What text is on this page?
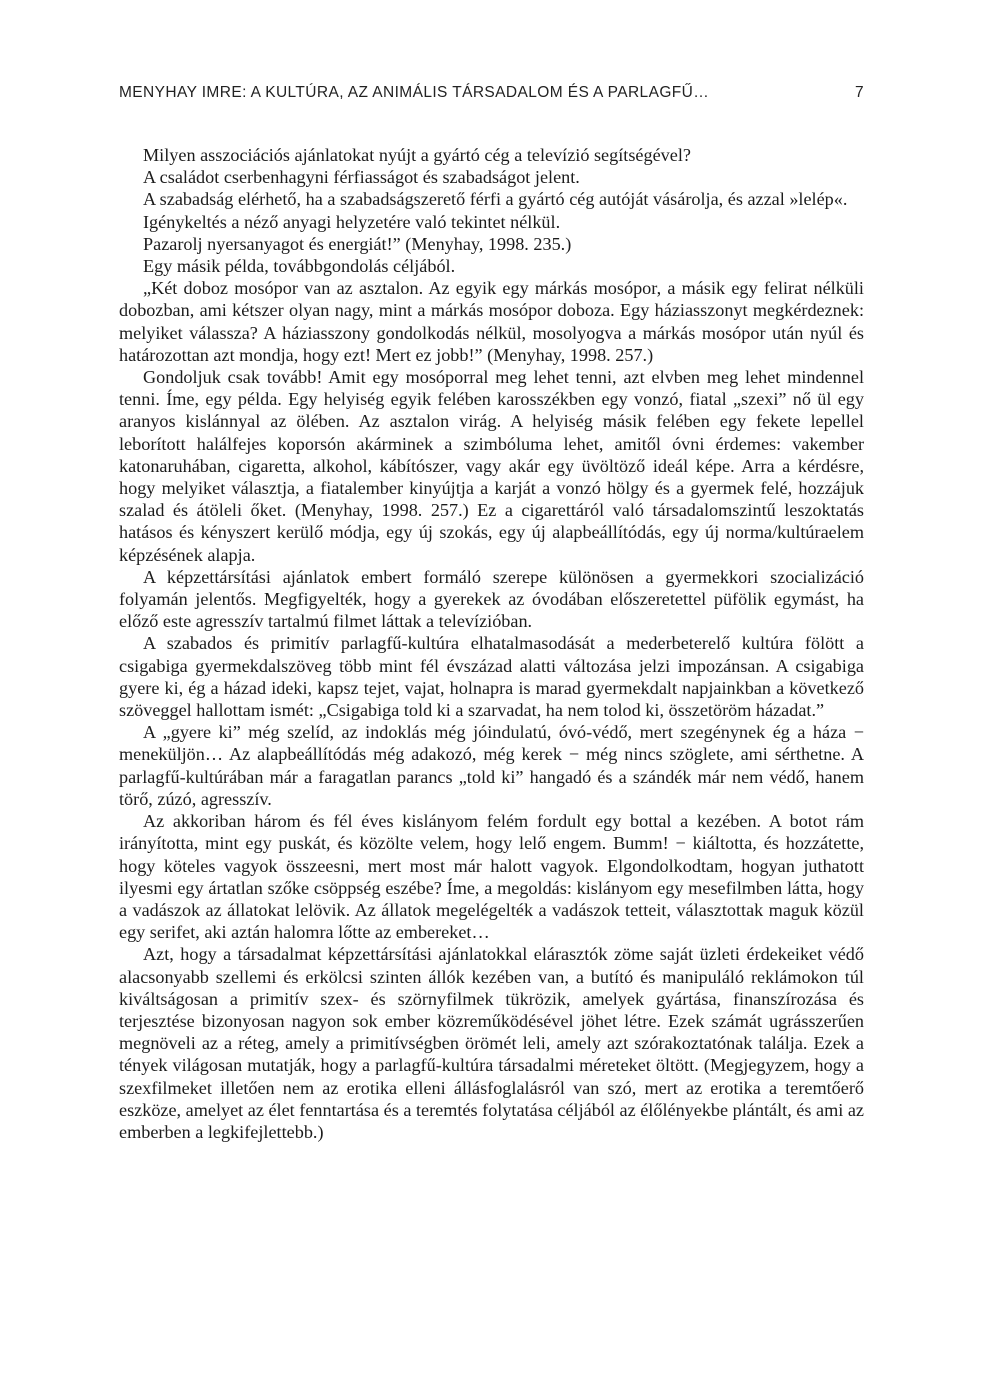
MENYHAY IMRE: A KULTÚRA, AZ ANIMÁLIS TÁRSADALOM ÉS A PARLAGFŰ…	7

Milyen asszociációs ajánlatokat nyújt a gyártó cég a televízió segítségével?

A családot cserbenhagyni férfiasságot és szabadságot jelent.

A szabadság elérhető, ha a szabadságszerető férfi a gyártó cég autóját vásárolja, és azzal »lelép«.

Igénykeltés a néző anyagi helyzetére való tekintet nélkül.

Pazarolj nyersanyagot és energiát!” (Menyhay, 1998. 235.)

Egy másik példa, továbbgondolás céljából.

„Két doboz mosópor van az asztalon. Az egyik egy márkás mosópor, a másik egy felirat nélküli dobozban, ami kétszer olyan nagy, mint a márkás mosópor doboza. Egy háziasszonyt megkérdeznek: melyiket válassza? A háziasszony gondolkodás nélkül, mosolyogva a márkás mosópor után nyúl és határozottan azt mondja, hogy ezt! Mert ez jobb!” (Menyhay, 1998. 257.)

Gondoljuk csak tovább! Amit egy mosóporral meg lehet tenni, azt elvben meg lehet mindennel tenni. Íme, egy példa. Egy helyiség egyik felében karosszékben egy vonzó, fiatal „szexi” nő ül egy aranyos kislánnyal az ölében. Az asztalon virág. A helyiség másik felében egy fekete lepellel leborított halálfejes koporsón akárminek a szimbóluma lehet, amitől óvni érdemes: vakember katonaruhában, cigaretta, alkohol, kábítószer, vagy akár egy üvöltöző ideál képe. Arra a kérdésre, hogy melyiket választja, a fiatalember kinyújtja a karját a vonzó hölgy és a gyermek felé, hozzájuk szalad és átöleli őket. (Menyhay, 1998. 257.) Ez a cigarettáról való társadalomszintű leszoktatás hatásos és kényszert kerülő módja, egy új szokás, egy új alapbeállítódás, egy új norma/kultúraelem képzésének alapja.

A képzettársítási ajánlatok embert formáló szerepe különösen a gyermekkori szocializáció folyamán jelentős. Megfigyelték, hogy a gyerekek az óvodában előszeretettel püfölik egymást, ha előző este agresszív tartalmú filmet láttak a televízióban.

A szabados és primitív parlagfű-kultúra elhatalmasodását a mederbeterelő kultúra fölött a csigabiga gyermekdalszöveg több mint fél évszázad alatti változása jelzi impozánsan. A csigabiga gyere ki, ég a házad ideki, kapsz tejet, vajat, holnapra is marad gyermekdalt napjainkban a következő szöveggel hallottam ismét: „Csigabiga told ki a szarvadat, ha nem tolod ki, összetöröm házadat.”

A „gyere ki” még szelíd, az indoklás még jóindulatú, óvó-védő, mert szegénynek ég a háza − meneküljön… Az alapbeállítódás még adakozó, még kerek − még nincs szöglete, ami sérthetne. A parlagfű-kultúrában már a faragatlan parancs „told ki” hangadó és a szándék már nem védő, hanem törő, zúzó, agresszív.

Az akkoriban három és fél éves kislányom felém fordult egy bottal a kezében. A botot rám irányította, mint egy puskát, és közölte velem, hogy lelő engem. Bumm! − kiáltotta, és hozzátette, hogy köteles vagyok összeesni, mert most már halott vagyok. Elgondolkodtam, hogyan juthatott ilyesmi egy ártatlan szőke csöppség eszébe? Íme, a megoldás: kislányom egy mesefilmben látta, hogy a vadászok az állatokat lelövik. Az állatok megelégelték a vadászok tetteit, választottak maguk közül egy serifet, aki aztán halomra lőtte az embereket…

Azt, hogy a társadalmat képzettársítási ajánlatokkal elárasztók zöme saját üzleti érdekeiket védő alacsonyabb szellemi és erkölcsi szinten állók kezében van, a butító és manipuláló reklámokon túl kiváltságosan a primitív szex- és szörnyfilmek tükrözik, amelyek gyártása, finanszírozása és terjesztése bizonyosan nagyon sok ember közreműködésével jöhet létre. Ezek számát ugrásszerűen megnöveli az a réteg, amely a primitívségben örömét leli, amely azt szórakoztatónak találja. Ezek a tények világosan mutatják, hogy a parlagfű-kultúra társadalmi méreteket öltött. (Megjegyzem, hogy a szexfilmeket illetően nem az erotika elleni állásfoglalásról van szó, mert az erotika a teremtőerő eszköze, amelyet az élet fenntartása és a teremtés folytatása céljából az élőlényekbe plántált, és ami az emberben a legkifejlettebb.)
